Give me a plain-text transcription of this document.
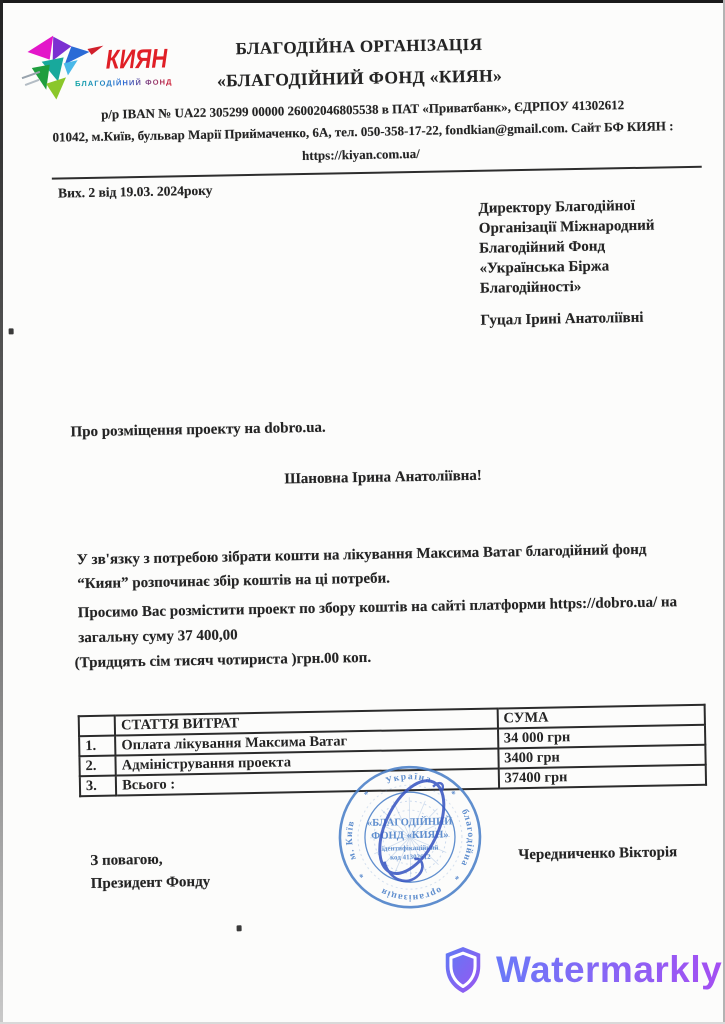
КИЯН
БЛАГОДІЙНИЙ ФОНД
БЛАГОДІЙНА ОРГАНІЗАЦІЯ
«БЛАГОДІЙНИЙ ФОНД «КИЯН»
р/р IBAN № UA22 305299 00000 26002046805538 в ПАТ «Приватбанк», ЄДРПОУ 41302612
01042, м.Київ, бульвар Марії Приймаченко, 6А, тел. 050-358-17-22, fondkian@gmail.com. Сайт БФ КИЯН :
https://kiyan.com.ua/
Вих. 2 від 19.03. 2024року
Директору Благодійної
Організації Міжнародний
Благодійний Фонд
«Українська Біржа
Благодійності»
Гуцал Ірині Анатоліївні
Про розміщення проекту на dobro.ua.
Шановна Ірина Анатоліївна!
У зв'язку з потребою зібрати кошти на лікування Максима Ватаг благодійний фонд
“Киян” розпочинає збір коштів на ці потреби.
Просимо Вас розмістити проект по збору коштів на сайті платформи https://dobro.ua/ на
загальну суму 37 400,00
(Тридцять сім тисяч чотириста )грн.00 коп.
	СТАТТЯ ВИТРАТ	СУМА
1.	Оплата лікування Максима Ватаг	34 000 грн
2.	Адміністрування проекта	3400 грн
3.	Всього :	37400 грн
м. Київ
Україна
благодійна
організація
*
*	*
*
«БЛАГОДІЙНИЙ
ФОНД «КИЯН»
ідентифікаційний
код 41302612
З повагою,
Президент Фонду
Чередниченко Вікторія
Watermarkly
